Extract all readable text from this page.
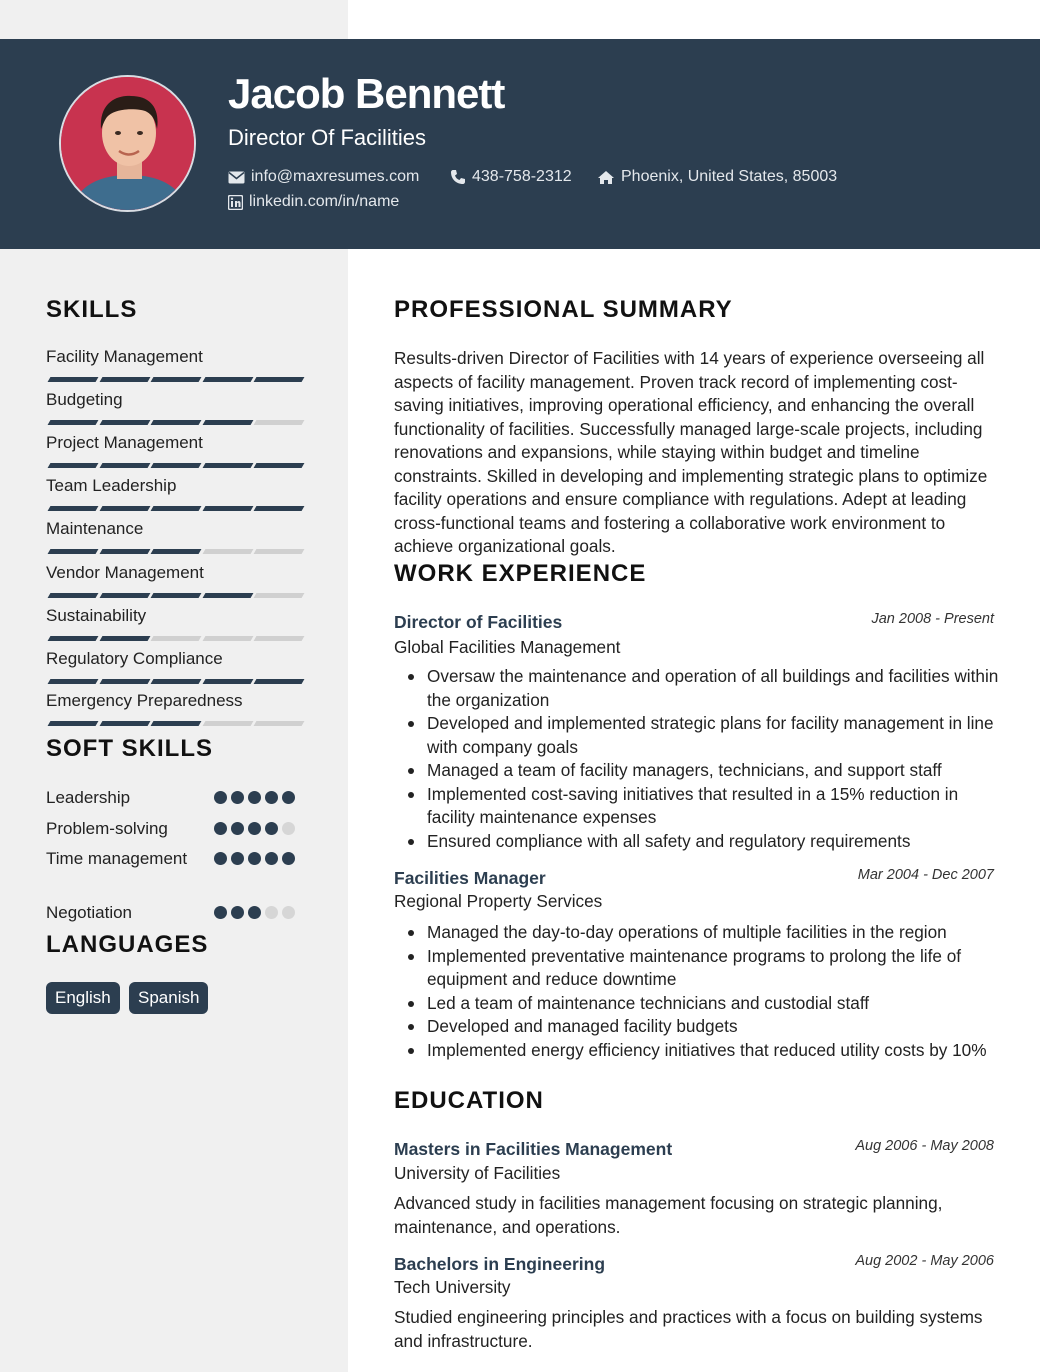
Jacob Bennett
Director Of Facilities
info@maxresumes.com	438-758-2312	Phoenix, United States, 85003
linkedin.com/in/name
SKILLS
Facility Management
Budgeting
Project Management
Team Leadership
Maintenance
Vendor Management
Sustainability
Regulatory Compliance
Emergency Preparedness
SOFT SKILLS
Leadership
Problem-solving
Time management
Negotiation
LANGUAGES
English	Spanish
PROFESSIONAL SUMMARY
Results-driven Director of Facilities with 14 years of experience overseeing all aspects of facility management. Proven track record of implementing cost-saving initiatives, improving operational efficiency, and enhancing the overall functionality of facilities. Successfully managed large-scale projects, including renovations and expansions, while staying within budget and timeline constraints. Skilled in developing and implementing strategic plans to optimize facility operations and ensure compliance with regulations. Adept at leading cross-functional teams and fostering a collaborative work environment to achieve organizational goals.
WORK EXPERIENCE
Director of Facilities	Jan 2008 - Present
Global Facilities Management
Oversaw the maintenance and operation of all buildings and facilities within the organization
Developed and implemented strategic plans for facility management in line with company goals
Managed a team of facility managers, technicians, and support staff
Implemented cost-saving initiatives that resulted in a 15% reduction in facility maintenance expenses
Ensured compliance with all safety and regulatory requirements
Facilities Manager	Mar 2004 - Dec 2007
Regional Property Services
Managed the day-to-day operations of multiple facilities in the region
Implemented preventative maintenance programs to prolong the life of equipment and reduce downtime
Led a team of maintenance technicians and custodial staff
Developed and managed facility budgets
Implemented energy efficiency initiatives that reduced utility costs by 10%
EDUCATION
Masters in Facilities Management	Aug 2006 - May 2008
University of Facilities
Advanced study in facilities management focusing on strategic planning, maintenance, and operations.
Bachelors in Engineering	Aug 2002 - May 2006
Tech University
Studied engineering principles and practices with a focus on building systems and infrastructure.
